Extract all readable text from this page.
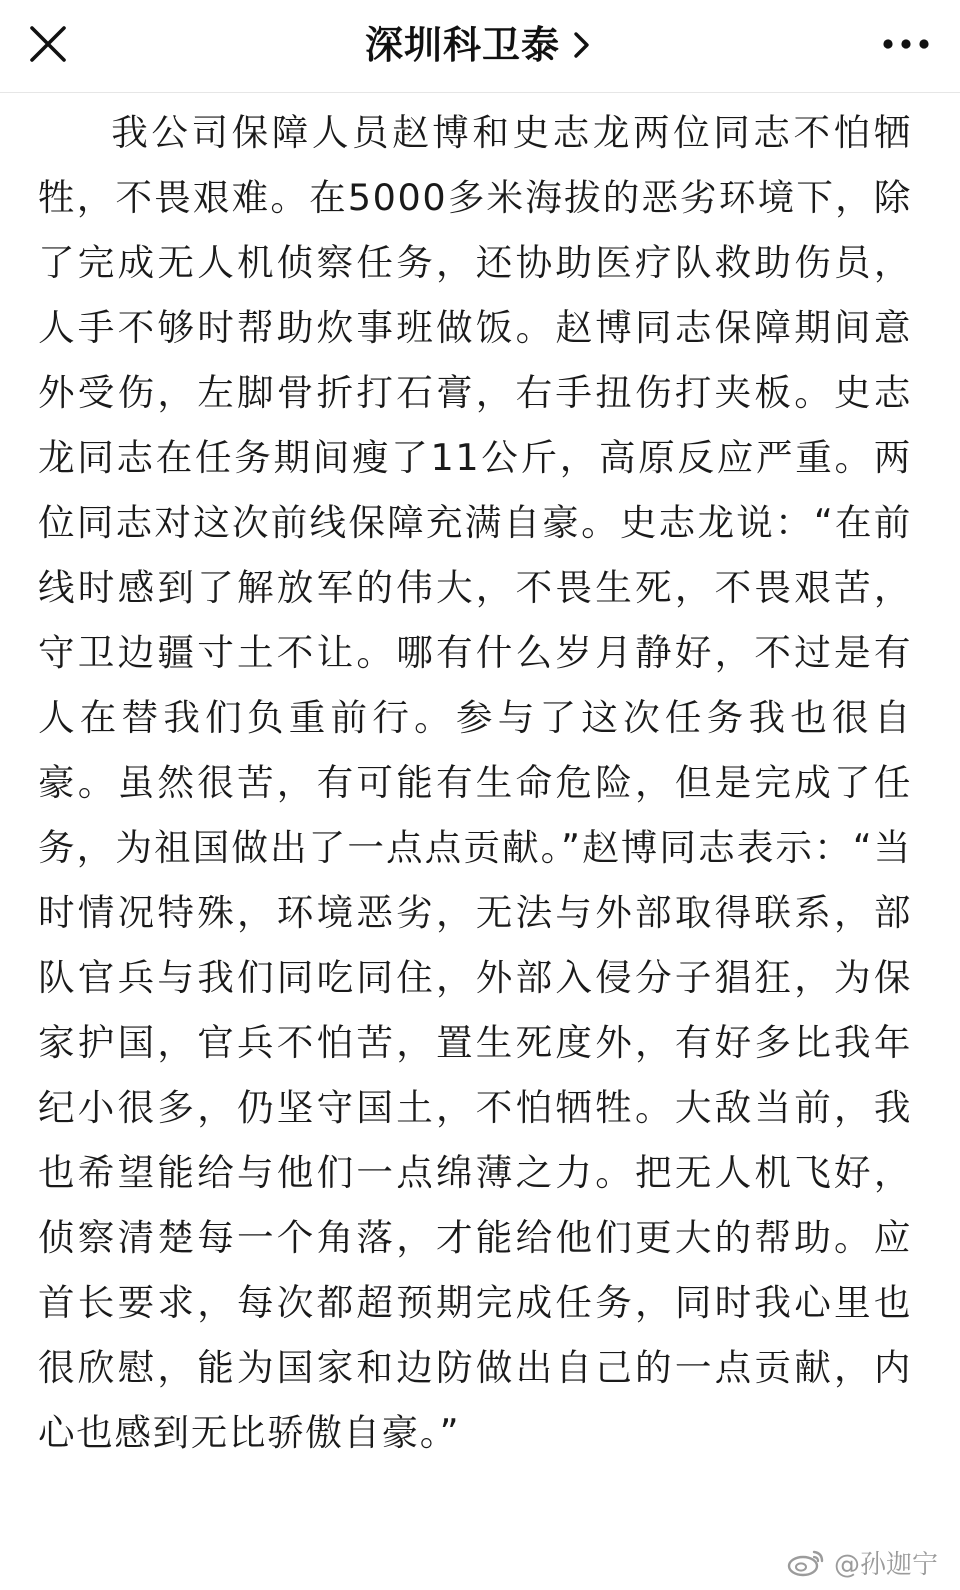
深圳科卫泰

我公司保障人员赵博和史志龙两位同志不怕牺牲，不畏艰难。在5000多米海拔的恶劣环境下，除了完成无人机侦察任务，还协助医疗队救助伤员，人手不够时帮助炊事班做饭。赵博同志保障期间意外受伤，左脚骨折打石膏，右手扭伤打夹板。史志龙同志在任务期间瘦了11公斤，高原反应严重。两位同志对这次前线保障充满自豪。史志龙说：“在前线时感到了解放军的伟大，不畏生死，不畏艰苦，守卫边疆寸土不让。哪有什么岁月静好，不过是有人在替我们负重前行。参与了这次任务我也很自豪。虽然很苦，有可能有生命危险，但是完成了任务，为祖国做出了一点点贡献。”赵博同志表示：“当时情况特殊，环境恶劣，无法与外部取得联系，部队官兵与我们同吃同住，外部入侵分子猖狂，为保家护国，官兵不怕苦，置生死度外，有好多比我年纪小很多，仍坚守国土，不怕牺牲。大敌当前，我也希望能给与他们一点绵薄之力。把无人机飞好，侦察清楚每一个角落，才能给他们更大的帮助。应首长要求，每次都超预期完成任务，同时我心里也很欣慰，能为国家和边防做出自己的一点贡献，内心也感到无比骄傲自豪。”

@孙迦宁
